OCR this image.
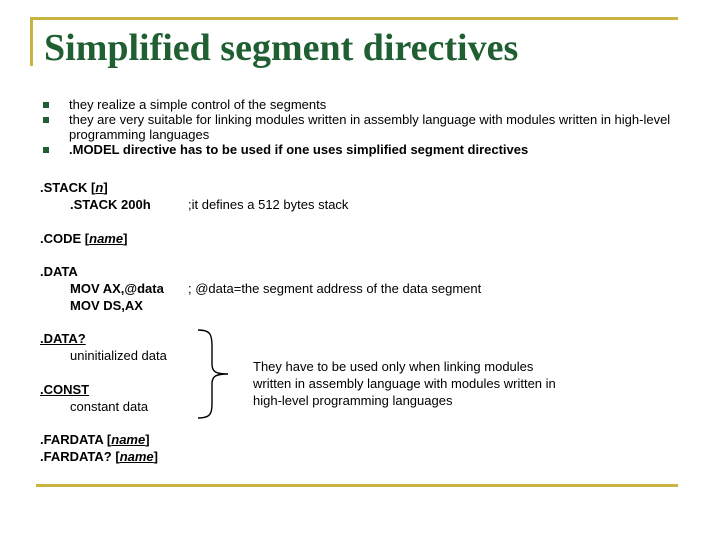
Simplified segment directives
they realize a simple control of the segments
they are very suitable for linking modules written in assembly language with modules written in high-level programming languages
.MODEL directive has to be used if one uses simplified segment directives
.STACK [n]
.STACK 200h	;it defines a 512 bytes stack
.CODE [name]
.DATA
MOV AX,@data
MOV DS,AX
; @data=the segment address of the data segment
.DATA?
uninitialized data
.CONST
constant data
.FARDATA [name]
.FARDATA? [name]
They have to be used only when linking modules written in assembly language with modules written in high-level programming languages
